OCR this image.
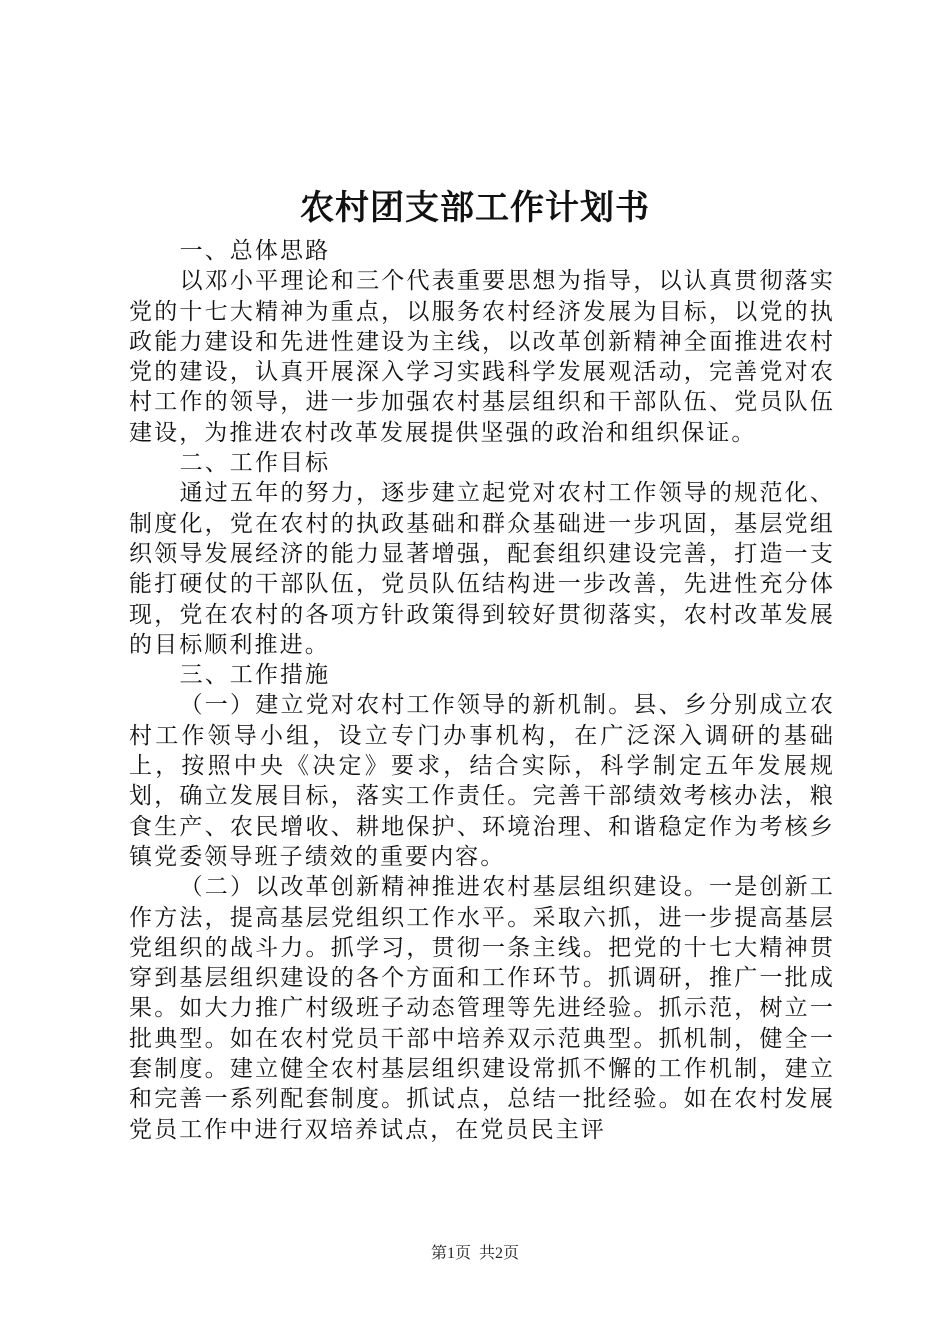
农村团支部工作计划书

一、总体思路

以邓小平理论和三个代表重要思想为指导，以认真贯彻落实党的十七大精神为重点，以服务农村经济发展为目标，以党的执政能力建设和先进性建设为主线，以改革创新精神全面推进农村党的建设，认真开展深入学习实践科学发展观活动，完善党对农村工作的领导，进一步加强农村基层组织和干部队伍、党员队伍建设，为推进农村改革发展提供坚强的政治和组织保证。

二、工作目标

通过五年的努力，逐步建立起党对农村工作领导的规范化、制度化，党在农村的执政基础和群众基础进一步巩固，基层党组织领导发展经济的能力显著增强，配套组织建设完善，打造一支能打硬仗的干部队伍，党员队伍结构进一步改善，先进性充分体现，党在农村的各项方针政策得到较好贯彻落实，农村改革发展的目标顺利推进。

三、工作措施

（一）建立党对农村工作领导的新机制。县、乡分别成立农村工作领导小组，设立专门办事机构，在广泛深入调研的基础上，按照中央《决定》要求，结合实际，科学制定五年发展规划，确立发展目标，落实工作责任。完善干部绩效考核办法，粮食生产、农民增收、耕地保护、环境治理、和谐稳定作为考核乡镇党委领导班子绩效的重要内容。

（二）以改革创新精神推进农村基层组织建设。一是创新工作方法，提高基层党组织工作水平。采取六抓，进一步提高基层党组织的战斗力。抓学习，贯彻一条主线。把党的十七大精神贯穿到基层组织建设的各个方面和工作环节。抓调研，推广一批成果。如大力推广村级班子动态管理等先进经验。抓示范，树立一批典型。如在农村党员干部中培养双示范典型。抓机制，健全一套制度。建立健全农村基层组织建设常抓不懈的工作机制，建立和完善一系列配套制度。抓试点，总结一批经验。如在农村发展党员工作中进行双培养试点，在党员民主评

第1页 共2页
